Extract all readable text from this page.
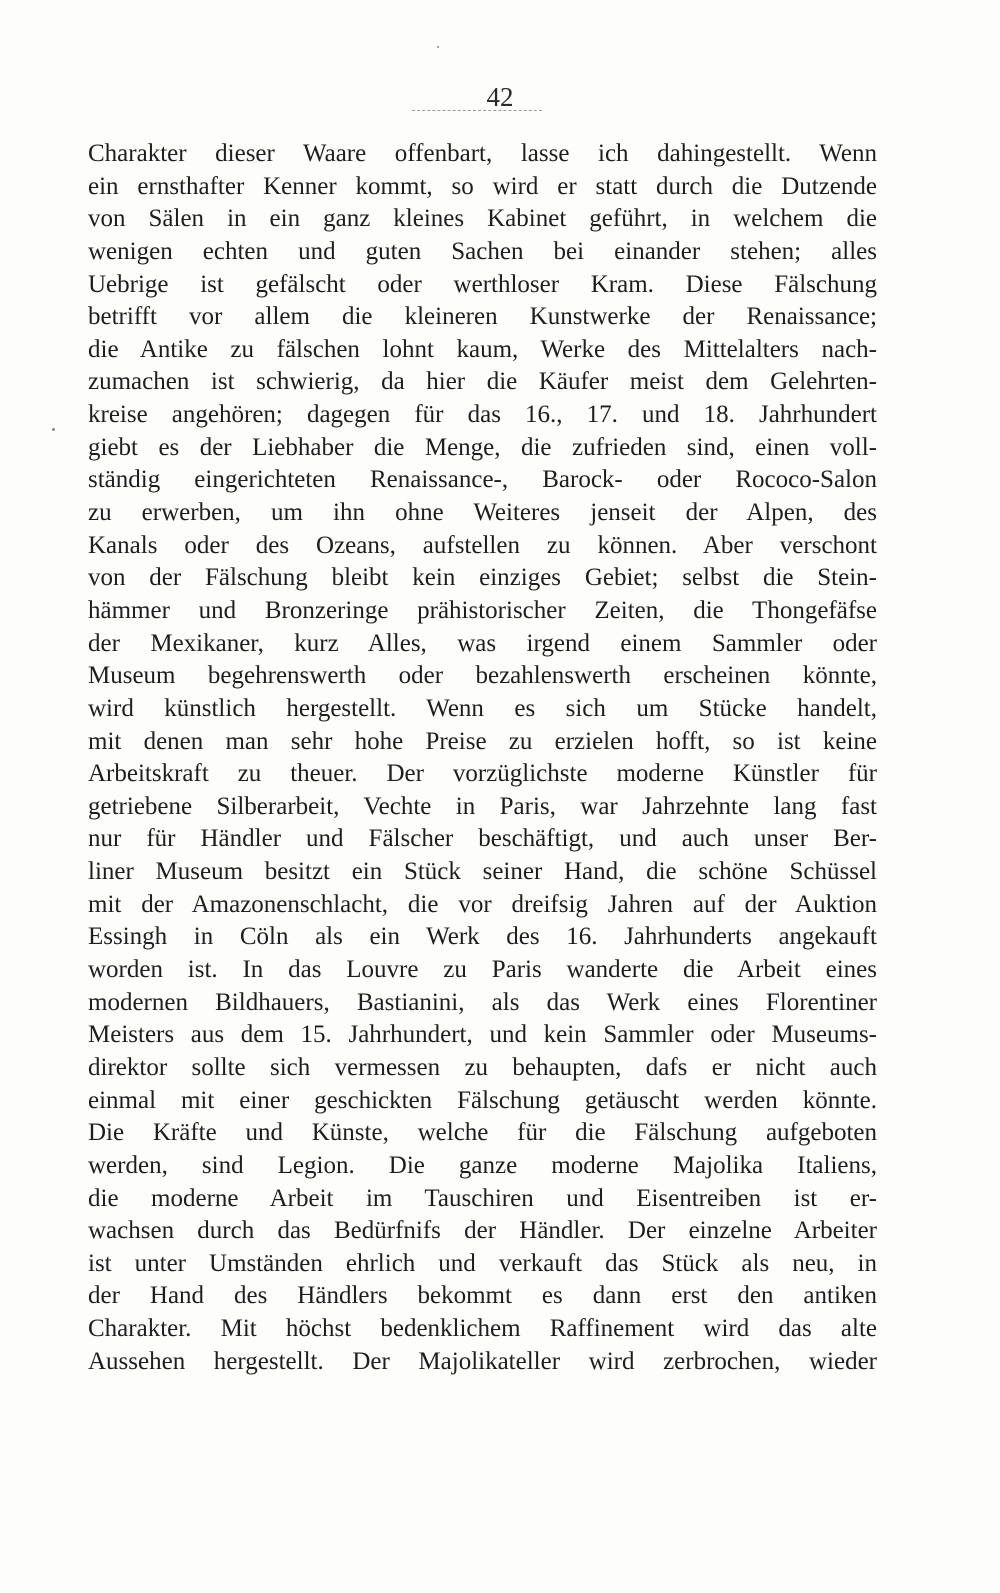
42
Charakter dieser Waare offenbart, lasse ich dahingestellt. Wenn
ein ernsthafter Kenner kommt, so wird er statt durch die Dutzende
von Sälen in ein ganz kleines Kabinet geführt, in welchem die
wenigen echten und guten Sachen bei einander stehen; alles
Uebrige ist gefälscht oder werthloser Kram. Diese Fälschung
betrifft vor allem die kleineren Kunstwerke der Renaissance;
die Antike zu fälschen lohnt kaum, Werke des Mittelalters nach-
zumachen ist schwierig, da hier die Käufer meist dem Gelehrten-
kreise angehören; dagegen für das 16., 17. und 18. Jahrhundert
giebt es der Liebhaber die Menge, die zufrieden sind, einen voll-
ständig eingerichteten Renaissance-, Barock- oder Rococo-Salon
zu erwerben, um ihn ohne Weiteres jenseit der Alpen, des
Kanals oder des Ozeans, aufstellen zu können. Aber verschont
von der Fälschung bleibt kein einziges Gebiet; selbst die Stein-
hämmer und Bronzeringe prähistorischer Zeiten, die Thongefäfse
der Mexikaner, kurz Alles, was irgend einem Sammler oder
Museum begehrenswerth oder bezahlenswerth erscheinen könnte,
wird künstlich hergestellt. Wenn es sich um Stücke handelt,
mit denen man sehr hohe Preise zu erzielen hofft, so ist keine
Arbeitskraft zu theuer. Der vorzüglichste moderne Künstler für
getriebene Silberarbeit, Vechte in Paris, war Jahrzehnte lang fast
nur für Händler und Fälscher beschäftigt, und auch unser Ber-
liner Museum besitzt ein Stück seiner Hand, die schöne Schüssel
mit der Amazonenschlacht, die vor dreifsig Jahren auf der Auktion
Essingh in Cöln als ein Werk des 16. Jahrhunderts angekauft
worden ist. In das Louvre zu Paris wanderte die Arbeit eines
modernen Bildhauers, Bastianini, als das Werk eines Florentiner
Meisters aus dem 15. Jahrhundert, und kein Sammler oder Museums-
direktor sollte sich vermessen zu behaupten, dafs er nicht auch
einmal mit einer geschickten Fälschung getäuscht werden könnte.
Die Kräfte und Künste, welche für die Fälschung aufgeboten
werden, sind Legion. Die ganze moderne Majolika Italiens,
die moderne Arbeit im Tauschiren und Eisentreiben ist er-
wachsen durch das Bedürfnifs der Händler. Der einzelne Arbeiter
ist unter Umständen ehrlich und verkauft das Stück als neu, in
der Hand des Händlers bekommt es dann erst den antiken
Charakter. Mit höchst bedenklichem Raffinement wird das alte
Aussehen hergestellt. Der Majolikateller wird zerbrochen, wieder
